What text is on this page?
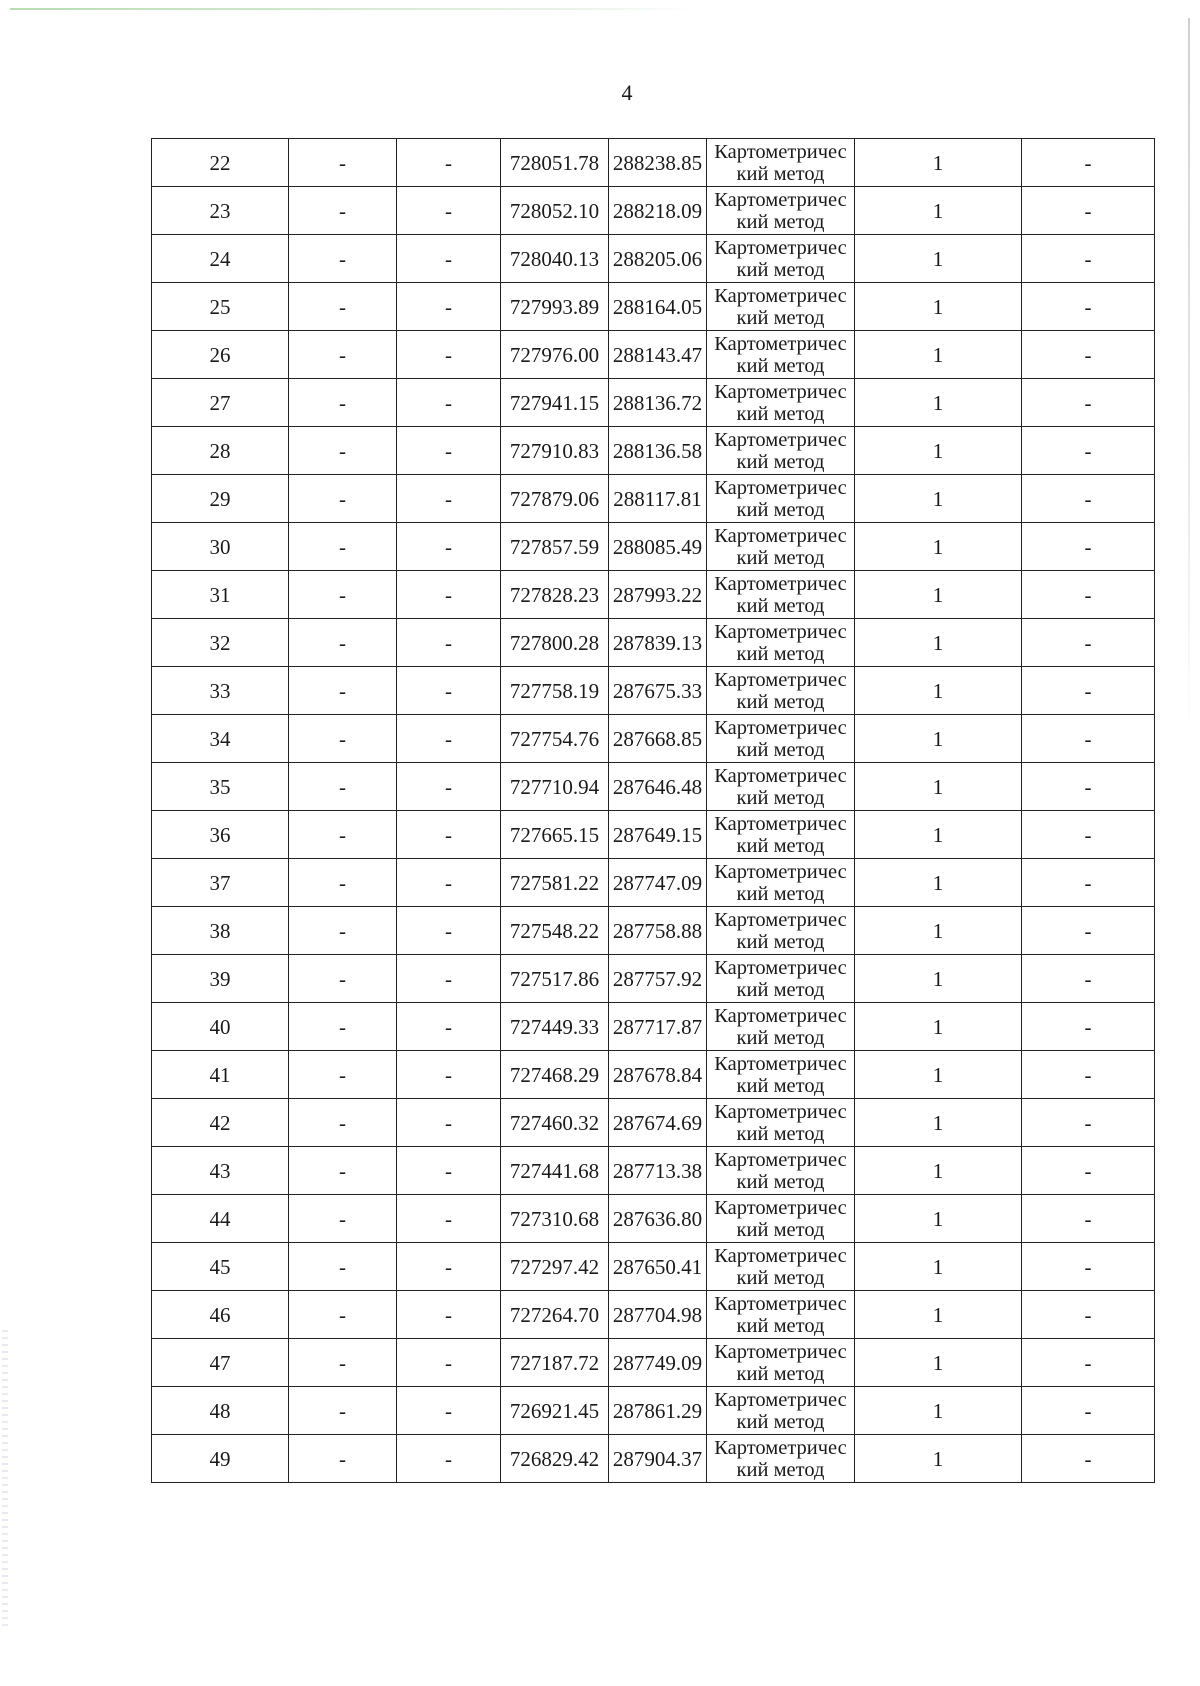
4
22	-	-	728051.78	288238.85	Картометрический метод	1	-
23	-	-	728052.10	288218.09	Картометрический метод	1	-
24	-	-	728040.13	288205.06	Картометрический метод	1	-
25	-	-	727993.89	288164.05	Картометрический метод	1	-
26	-	-	727976.00	288143.47	Картометрический метод	1	-
27	-	-	727941.15	288136.72	Картометрический метод	1	-
28	-	-	727910.83	288136.58	Картометрический метод	1	-
29	-	-	727879.06	288117.81	Картометрический метод	1	-
30	-	-	727857.59	288085.49	Картометрический метод	1	-
31	-	-	727828.23	287993.22	Картометрический метод	1	-
32	-	-	727800.28	287839.13	Картометрический метод	1	-
33	-	-	727758.19	287675.33	Картометрический метод	1	-
34	-	-	727754.76	287668.85	Картометрический метод	1	-
35	-	-	727710.94	287646.48	Картометрический метод	1	-
36	-	-	727665.15	287649.15	Картометрический метод	1	-
37	-	-	727581.22	287747.09	Картометрический метод	1	-
38	-	-	727548.22	287758.88	Картометрический метод	1	-
39	-	-	727517.86	287757.92	Картометрический метод	1	-
40	-	-	727449.33	287717.87	Картометрический метод	1	-
41	-	-	727468.29	287678.84	Картометрический метод	1	-
42	-	-	727460.32	287674.69	Картометрический метод	1	-
43	-	-	727441.68	287713.38	Картометрический метод	1	-
44	-	-	727310.68	287636.80	Картометрический метод	1	-
45	-	-	727297.42	287650.41	Картометрический метод	1	-
46	-	-	727264.70	287704.98	Картометрический метод	1	-
47	-	-	727187.72	287749.09	Картометрический метод	1	-
48	-	-	726921.45	287861.29	Картометрический метод	1	-
49	-	-	726829.42	287904.37	Картометрический метод	1	-
